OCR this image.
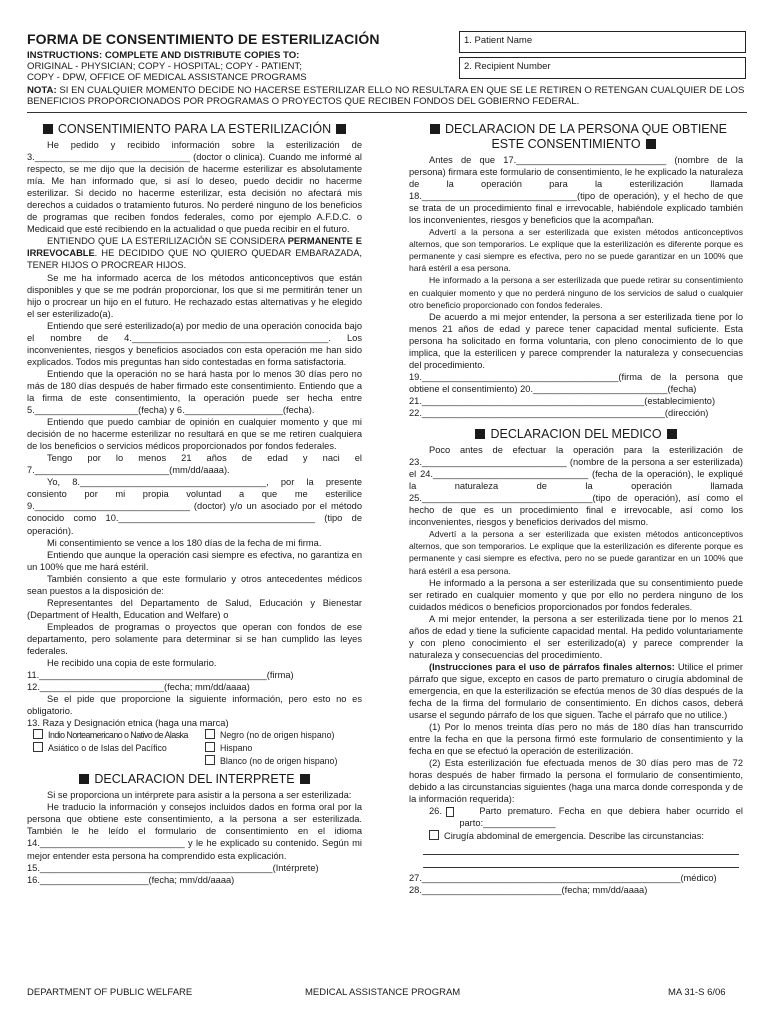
FORMA DE CONSENTIMIENTO DE ESTERILIZACIÓN
INSTRUCTIONS: COMPLETE AND DISTRIBUTE COPIES TO:
ORIGINAL - PHYSICIAN; COPY - HOSPITAL; COPY - PATIENT;
COPY - DPW, OFFICE OF MEDICAL ASSISTANCE PROGRAMS
1. Patient Name
2. Recipient Number
NOTA: SI EN CUALQUIER MOMENTO DECIDE NO HACERSE ESTERILIZAR ELLO NO RESULTARA EN QUE SE LE RETIREN O RETENGAN CUALQUIER DE LOS BENEFICIOS PROPORCIONADOS POR PROGRAMAS O PROYECTOS QUE RECIBEN FONDOS DEL GOBIERNO FEDERAL.
CONSENTIMIENTO PARA LA ESTERILIZACIÓN

He pedido y recibido información sobre la esterilización de 3.______________________________ (doctor o clinica). Cuando me informé al respecto, se me dijo que la decisión de hacerme esterilizar es absolutamente mía. Me han informado que, si así lo deseo, puedo decidir no hacerme esterilizar. Si decido no hacerme esterilizar, esta decisión no afectará mis derechos a cuidados o tratamiento futuros. No perderé ninguno de los beneficios de programas que reciben fondos federales, como por ejemplo A.F.D.C. o Medicaid que esté recibiendo en la actualidad o que pueda recibir en el futuro.

ENTIENDO QUE LA ESTERILIZACIÓN SE CONSIDERA PERMANENTE E IRREVOCABLE. HE DECIDIDO QUE NO QUIERO QUEDAR EMBARAZADA, TENER HIJOS O PROCREAR HIJOS.

Se me ha informado acerca de los métodos anticonceptivos que están disponibles y que se me podrán proporcionar, los que si me permitirán tener un hijo o procrear un hijo en el futuro. He rechazado estas alternativas y he elegido el ser esterilizado(a).

Entiendo que seré esterilizado(a) por medio de una operación conocida bajo el nombre de 4.______________________________________. Los inconvenientes, riesgos y beneficios asociados con esta operación me han sido explicados. Todos mis preguntas han sido contestadas en forma satisfactoria.

Entiendo que la operación no se hará hasta por lo menos 30 días pero no más de 180 días después de haber firmado este consentimiento. Entiendo que a la firma de este consentimiento, la operación puede ser hecha entre 5.____________________(fecha) y 6.___________________(fecha).

Entiendo que puedo cambiar de opinión en cualquier momento y que mi decisión de no hacerme esterilizar no resultará en que se me retiren cualquiera de los beneficios o servicios médicos proporcionados por fondos federales.

Tengo por lo menos 21 años de edad y naci el 7.__________________________(mm/dd/aaaa).

Yo, 8.____________________________________, por la presente consiento por mi propia voluntad a que me esterilice 9.______________________________ (doctor) y/o un asociado por el método conocido como 10.______________________________________ (tipo de operación).

Mi consentimiento se vence a los 180 días de la fecha de mi firma.

Entiendo que aunque la operación casi siempre es efectiva, no garantiza en un 100% que me hará estéril.

También consiento a que este formulario y otros antecedentes médicos sean puestos a la disposición de:

Representantes del Departamento de Salud, Educación y Bienestar (Department of Health, Education and Welfare) o

Empleados de programas o proyectos que operan con fondos de ese departamento, pero solamente para determinar si se han cumplido las leyes federales.

He recibido una copia de este formulario.

11.____________________________________________(firma)

12.________________________(fecha; mm/dd/aaaa)

Se el pide que proporcione la siguiente información, pero esto no es obligatorio.

13. Raza y Designación etnica (haga una marca)

Indio Norteamericano o Nativo de Alaska
Asiático o de Islas del Pacífico
Negro (no de origen hispano)
Hispano
Blanco (no de origen hispano)
DECLARACION DEL INTERPRETE

Si se proporciona un intérprete para asistir a la persona a ser esterilizada:

He traducio la información y consejos incluidos dados en forma oral por la persona que obtiene este consentimiento, a la persona a ser esterilizada. También le he leído el formulario de consentimiento en el idioma 14.____________________________ y le he explicado su contenido. Según mi mejor entender esta persona ha comprendido esta explicación.

15._____________________________________________(Intérprete)

16._____________________(fecha; mm/dd/aaaa)

DECLARACION DE LA PERSONA QUE OBTIENE
ESTE CONSENTIMIENTO

Antes de que 17._____________________________ (nombre de la persona) firmara este formulario de consentimiento, le he explicado la naturaleza de la operación para la esterilización llamada 18.______________________________(tipo de operación), y el hecho de que se trata de un procedimiento final e irrevocable, habiéndole explicado también los inconvenientes, riesgos y beneficios que la acompañan.

Advertí a la persona a ser esterilizada que existen métodos anticonceptivos alternos, que son temporarios. Le explique que la esterilización es diferente porque es permanente y casi siempre es efectiva, pero no se puede garantizar en un 100% que hará estéril a esa persona.

He informado a la persona a ser esterilizada que puede retirar su consentimiento en cualquier momento y que no perderá ninguno de los servicios de salud o cualquier otro beneficio proporcionado con fondos federales.

De acuerdo a mi mejor entender, la persona a ser esterilizada tiene por lo menos 21 años de edad y parece tener capacidad mental suficiente. Esta persona ha solicitado en forma voluntaria, con pleno conocimiento de lo que implica, que la esterilicen y parece comprender la naturaleza y consecuencias del procedimiento.

19.______________________________________(firma de la persona que obtiene el consentimiento) 20.__________________________(fecha)

21.___________________________________________(establecimiento)

22._______________________________________________(dirección)

DECLARACION DEL MEDICO

Poco antes de efectuar la operación para la esterilización de 23.____________________________ (nombre de la persona a ser esterilizada) el 24.______________________________ (fecha de la operación), le expliqué la naturaleza de la operación llamada 25._________________________________(tipo de operación), así como el hecho de que es un procedimiento final e irrevocable, así como los inconvenientes, riesgos y beneficios derivados del mismo.

Advertí a la persona a ser esterilizada que existen métodos anticonceptivos alternos, que son temporarios. Le explique que la esterilización es diferente porque es permanente y casi siempre es efectiva, pero no se puede garantizar en un 100% que hará estéril a esa persona.

He informado a la persona a ser esterilizada que su consentimiento puede ser retirado en cualquier momento y que por ello no perdera ninguno de los cuidados médicos o beneficios proporcionados por fondos federales.

A mi mejor entender, la persona a ser esterilizada tiene por lo menos 21 años de edad y tiene la suficiente capacidad mental. Ha pedido voluntariamente y con pleno conocimiento el ser esterilizado(a) y parece comprender la naturaleza y consecuencias del procedimiento.

(Instrucciones para el uso de párrafos finales alternos: Utilice el primer párrafo que sigue, excepto en casos de parto prematuro o cirugía abdominal de emergencia, en que la esterilización se efectúa menos de 30 días después de la fecha de la firma del formulario de consentimiento. En dichos casos, deberá usarse el segundo párrafo de los que siguen. Tache el párrafo que no utilice.)

(1) Por lo menos treinta días pero no más de 180 días han transcurrido entre la fecha en que la persona firmó este formulario de consentimiento y la fecha en que se efectuó la operación de esterilización.

(2) Esta esterilización fue efectuada menos de 30 días pero mas de 72 horas después de haber firmado la persona el formulario de consentimiento, debido a las circunstancias siguientes (haga una marca donde corresponda y de la información requerida):

26.	Parto prematuro. Fecha en que debiera haber ocurrido el parto:______________
Cirugía abdominal de emergencia. Describe las circunstancias:

27.__________________________________________________(médico)

28.___________________________(fecha; mm/dd/aaaa)

DEPARTMENT OF PUBLIC WELFARE	MEDICAL ASSISTANCE PROGRAM	MA 31-S 6/06
